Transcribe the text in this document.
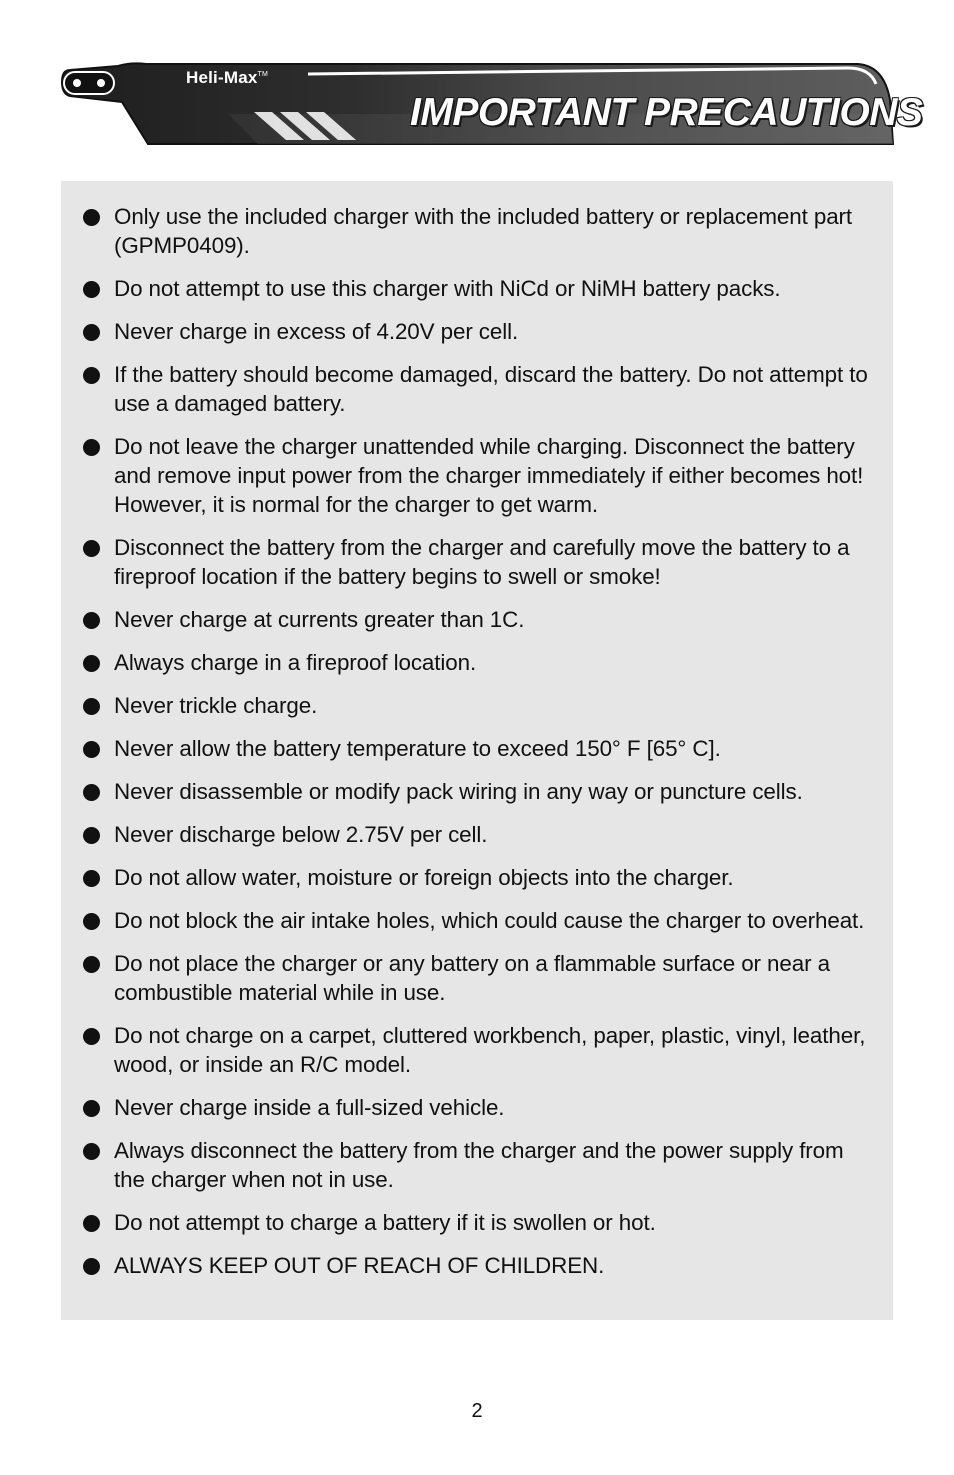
Heli-Max™
IMPORTANT PRECAUTIONS
Only use the included charger with the included battery or replacement part (GPMP0409).
Do not attempt to use this charger with NiCd or NiMH battery packs.
Never charge in excess of 4.20V per cell.
If the battery should become damaged, discard the battery. Do not attempt to use a damaged battery.
Do not leave the charger unattended while charging. Disconnect the battery and remove input power from the charger immediately if either becomes hot! However, it is normal for the charger to get warm.
Disconnect the battery from the charger and carefully move the battery to a fireproof location if the battery begins to swell or smoke!
Never charge at currents greater than 1C.
Always charge in a fireproof location.
Never trickle charge.
Never allow the battery temperature to exceed 150° F [65° C].
Never disassemble or modify pack wiring in any way or puncture cells.
Never discharge below 2.75V per cell.
Do not allow water, moisture or foreign objects into the charger.
Do not block the air intake holes, which could cause the charger to overheat.
Do not place the charger or any battery on a flammable surface or near a combustible material while in use.
Do not charge on a carpet, cluttered workbench, paper, plastic, vinyl, leather, wood, or inside an R/C model.
Never charge inside a full-sized vehicle.
Always disconnect the battery from the charger and the power supply from the charger when not in use.
Do not attempt to charge a battery if it is swollen or hot.
ALWAYS KEEP OUT OF REACH OF CHILDREN.
2
